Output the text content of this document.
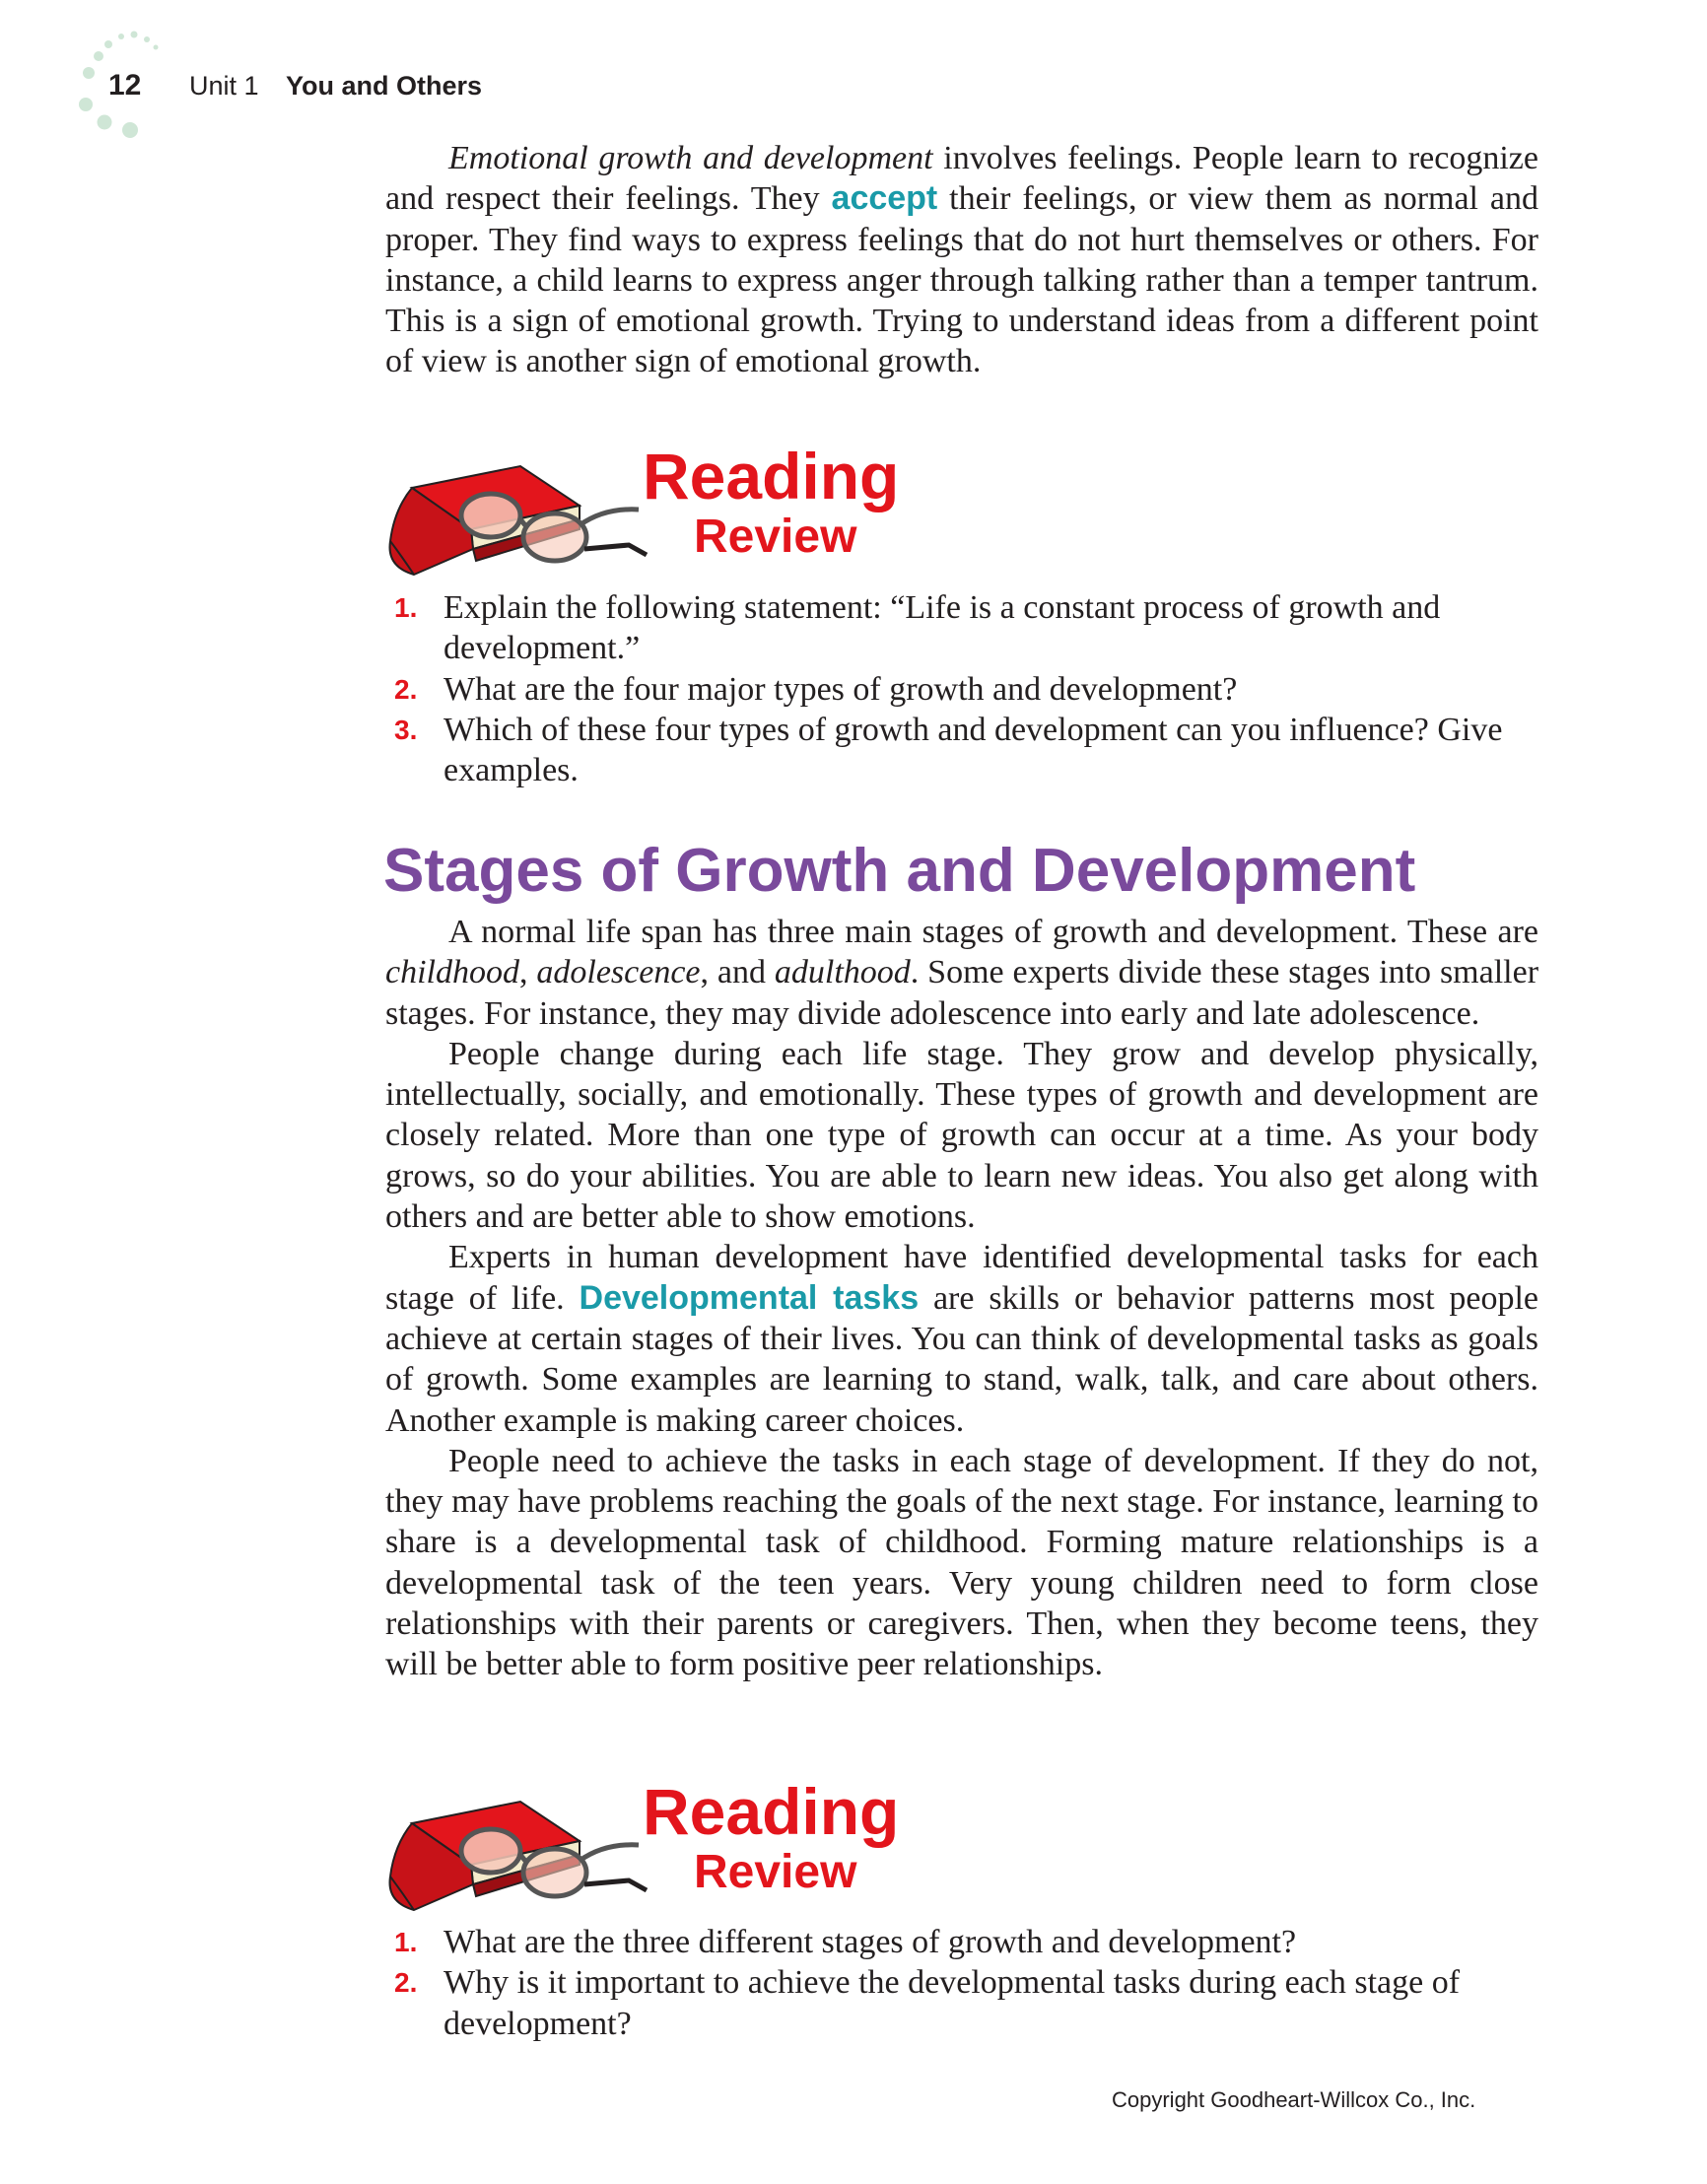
12 Unit 1 You and Others

Emotional growth and development involves feelings. People learn to recognize and respect their feelings. They accept their feelings, or view them as normal and proper. They find ways to express feelings that do not hurt themselves or others. For instance, a child learns to express anger through talking rather than a temper tantrum. This is a sign of emotional growth. Trying to understand ideas from a different point of view is another sign of emotional growth.

Reading
Review
1. Explain the following statement: “Life is a constant process of growth and development.”
2. What are the four major types of growth and development?
3. Which of these four types of growth and development can you influence? Give examples.
Stages of Growth and Development

A normal life span has three main stages of growth and development. These are childhood, adolescence, and adulthood. Some experts divide these stages into smaller stages. For instance, they may divide adolescence into early and late adolescence.

People change during each life stage. They grow and develop physically, intellectually, socially, and emotionally. These types of growth and development are closely related. More than one type of growth can occur at a time. As your body grows, so do your abilities. You are able to learn new ideas. You also get along with others and are better able to show emotions.

Experts in human development have identified developmental tasks for each stage of life. Developmental tasks are skills or behavior patterns most people achieve at certain stages of their lives. You can think of developmental tasks as goals of growth. Some examples are learning to stand, walk, talk, and care about others. Another example is making career choices.

People need to achieve the tasks in each stage of development. If they do not, they may have problems reaching the goals of the next stage. For instance, learning to share is a developmental task of childhood. Forming mature relationships is a developmental task of the teen years. Very young children need to form close relationships with their parents or caregivers. Then, when they become teens, they will be better able to form positive peer relationships.

Reading
Review
1. What are the three different stages of growth and development?
2. Why is it important to achieve the developmental tasks during each stage of development?
Copyright Goodheart-Willcox Co., Inc.
